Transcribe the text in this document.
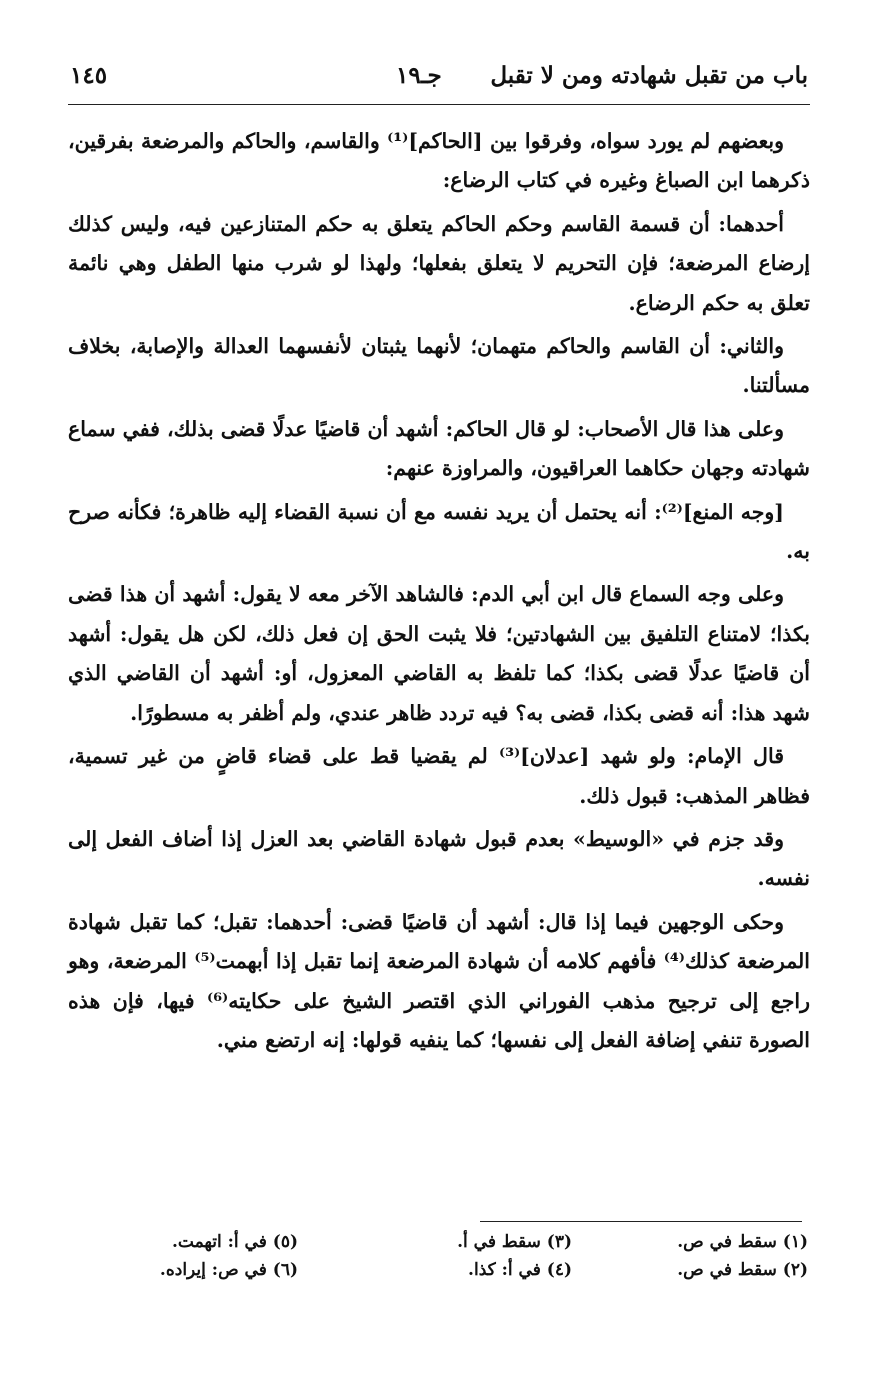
باب من تقبل شهادته ومن لا تقبل
جـ١٩
١٤٥

وبعضهم لم يورد سواه، وفرقوا بين [الحاكم]⁽¹⁾ والقاسم، والحاكم والمرضعة بفرقين، ذكرهما ابن الصباغ وغيره في كتاب الرضاع:

أحدهما: أن قسمة القاسم وحكم الحاكم يتعلق به حكم المتنازعين فيه، وليس كذلك إرضاع المرضعة؛ فإن التحريم لا يتعلق بفعلها؛ ولهذا لو شرب منها الطفل وهي نائمة تعلق به حكم الرضاع.

والثاني: أن القاسم والحاكم متهمان؛ لأنهما يثبتان لأنفسهما العدالة والإصابة، بخلاف مسألتنا.

وعلى هذا قال الأصحاب: لو قال الحاكم: أشهد أن قاضيًا عدلًا قضى بذلك، ففي سماع شهادته وجهان حكاهما العراقيون، والمراوزة عنهم:

[وجه المنع]⁽²⁾: أنه يحتمل أن يريد نفسه مع أن نسبة القضاء إليه ظاهرة؛ فكأنه صرح به.

وعلى وجه السماع قال ابن أبي الدم: فالشاهد الآخر معه لا يقول: أشهد أن هذا قضى بكذا؛ لامتناع التلفيق بين الشهادتين؛ فلا يثبت الحق إن فعل ذلك، لكن هل يقول: أشهد أن قاضيًا عدلًا قضى بكذا؛ كما تلفظ به القاضي المعزول، أو: أشهد أن القاضي الذي شهد هذا: أنه قضى بكذا، قضى به؟ فيه تردد ظاهر عندي، ولم أظفر به مسطورًا.

قال الإمام: ولو شهد [عدلان]⁽³⁾ لم يقضيا قط على قضاء قاضٍ من غير تسمية، فظاهر المذهب: قبول ذلك.

وقد جزم في «الوسيط» بعدم قبول شهادة القاضي بعد العزل إذا أضاف الفعل إلى نفسه.

وحكى الوجهين فيما إذا قال: أشهد أن قاضيًا قضى: أحدهما: تقبل؛ كما تقبل شهادة المرضعة كذلك⁽⁴⁾ فأفهم كلامه أن شهادة المرضعة إنما تقبل إذا أبهمت⁽⁵⁾ المرضعة، وهو راجع إلى ترجيح مذهب الفوراني الذي اقتصر الشيخ على حكايته⁽⁶⁾ فيها، فإن هذه الصورة تنفي إضافة الفعل إلى نفسها؛ كما ينفيه قولها: إنه ارتضع مني.

(١) سقط في ص.
(٢) سقط في ص.
(٣) سقط في أ.
(٤) في أ: كذا.
(٥) في أ: اتهمت.
(٦) في ص: إيراده.
